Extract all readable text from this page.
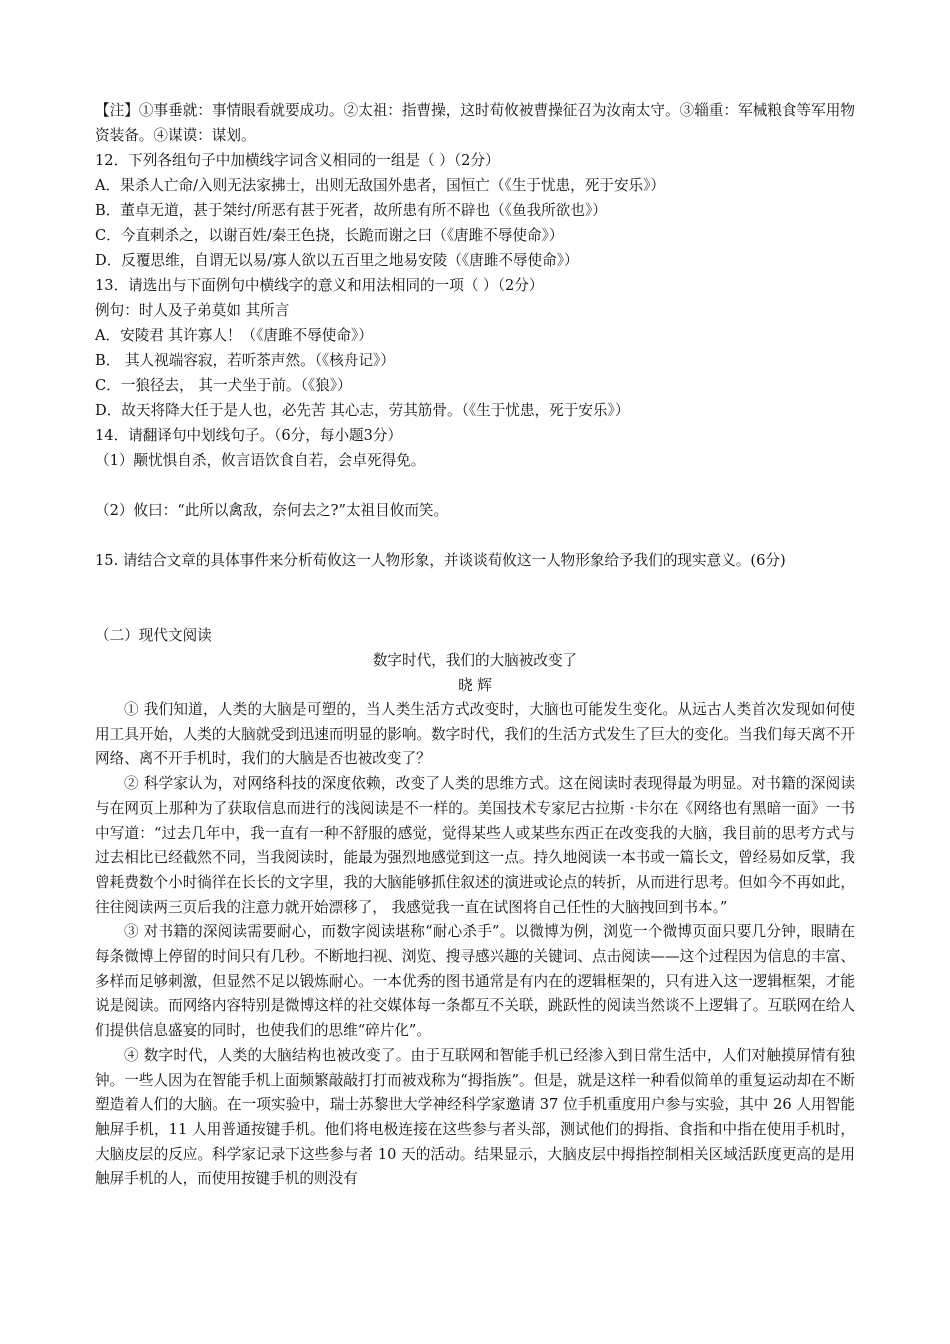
【注】①事垂就：事情眼看就要成功。②太祖：指曹操，这时荀攸被曹操征召为汝南太守。③辎重：军械粮食等军用物资装备。④谋谟：谋划。

12．下列各组句子中加横线字词含义相同的一组是（ ）（2分）

A．果杀人亡命/入则无法家拂士，出则无敌国外患者，国恒亡（《生于忧患，死于安乐》）

B．董卓无道，甚于桀纣/所恶有甚于死者，故所患有所不辟也（《鱼我所欲也》）

C．今直刺杀之，以谢百姓/秦王色挠，长跪而谢之曰（《唐雎不辱使命》）

D．反覆思维，自谓无以易/寡人欲以五百里之地易安陵（《唐雎不辱使命》）

13．请选出与下面例句中横线字的意义和用法相同的一项（ ）（2分）

例句：时人及子弟莫如 其所言

A．安陵君 其许寡人！（《唐雎不辱使命》）

B． 其人视端容寂，若听茶声然。（《核舟记》）

C．一狼径去， 其一犬坐于前。（《狼》）

D．故天将降大任于是人也，必先苦 其心志，劳其筋骨。（《生于忧患，死于安乐》）

14．请翻译句中划线句子。（6分，每小题3分）

（1）颙忧惧自杀，攸言语饮食自若，会卓死得免。

（2）攸曰：“此所以禽敌，奈何去之?”太祖目攸而笑。

15. 请结合文章的具体事件来分析荀攸这一人物形象，并谈谈荀攸这一人物形象给予我们的现实意义。(6分)

（二）现代文阅读

数字时代，我们的大脑被改变了

晓 辉

① 我们知道，人类的大脑是可塑的，当人类生活方式改变时，大脑也可能发生变化。从远古人类首次发现如何使用工具开始，人类的大脑就受到迅速而明显的影响。数字时代，我们的生活方式发生了巨大的变化。当我们每天离不开网络、离不开手机时，我们的大脑是否也被改变了？

② 科学家认为，对网络科技的深度依赖，改变了人类的思维方式。这在阅读时表现得最为明显。对书籍的深阅读与在网页上那种为了获取信息而进行的浅阅读是不一样的。美国技术专家尼古拉斯 ·卡尔在《网络也有黑暗一面》一书中写道：“过去几年中，我一直有一种不舒服的感觉，觉得某些人或某些东西正在改变我的大脑，我目前的思考方式与过去相比已经截然不同，当我阅读时，能最为强烈地感觉到这一点。持久地阅读一本书或一篇长文，曾经易如反掌，我曾耗费数个小时徜徉在长长的文字里，我的大脑能够抓住叙述的演进或论点的转折，从而进行思考。但如今不再如此，往往阅读两三页后我的注意力就开始漂移了， 我感觉我一直在试图将自己任性的大脑拽回到书本。”

③ 对书籍的深阅读需要耐心，而数字阅读堪称“耐心杀手”。以微博为例，浏览一个微博页面只要几分钟，眼睛在每条微博上停留的时间只有几秒。不断地扫视、浏览、搜寻感兴趣的关键词、点击阅读——这个过程因为信息的丰富、多样而足够刺激，但显然不足以锻炼耐心。一本优秀的图书通常是有内在的逻辑框架的，只有进入这一逻辑框架，才能说是阅读。而网络内容特别是微博这样的社交媒体每一条都互不关联，跳跃性的阅读当然谈不上逻辑了。互联网在给人们提供信息盛宴的同时，也使我们的思维“碎片化”。

④ 数字时代，人类的大脑结构也被改变了。由于互联网和智能手机已经渗入到日常生活中，人们对触摸屏情有独钟。一些人因为在智能手机上面频繁敲敲打打而被戏称为“拇指族”。但是，就是这样一种看似简单的重复运动却在不断塑造着人们的大脑。在一项实验中，瑞士苏黎世大学神经科学家邀请 37 位手机重度用户参与实验，其中 26 人用智能触屏手机，11 人用普通按键手机。他们将电极连接在这些参与者头部，测试他们的拇指、食指和中指在使用手机时，大脑皮层的反应。科学家记录下这些参与者 10 天的活动。结果显示，大脑皮层中拇指控制相关区域活跃度更高的是用触屏手机的人，而使用按键手机的则没有
